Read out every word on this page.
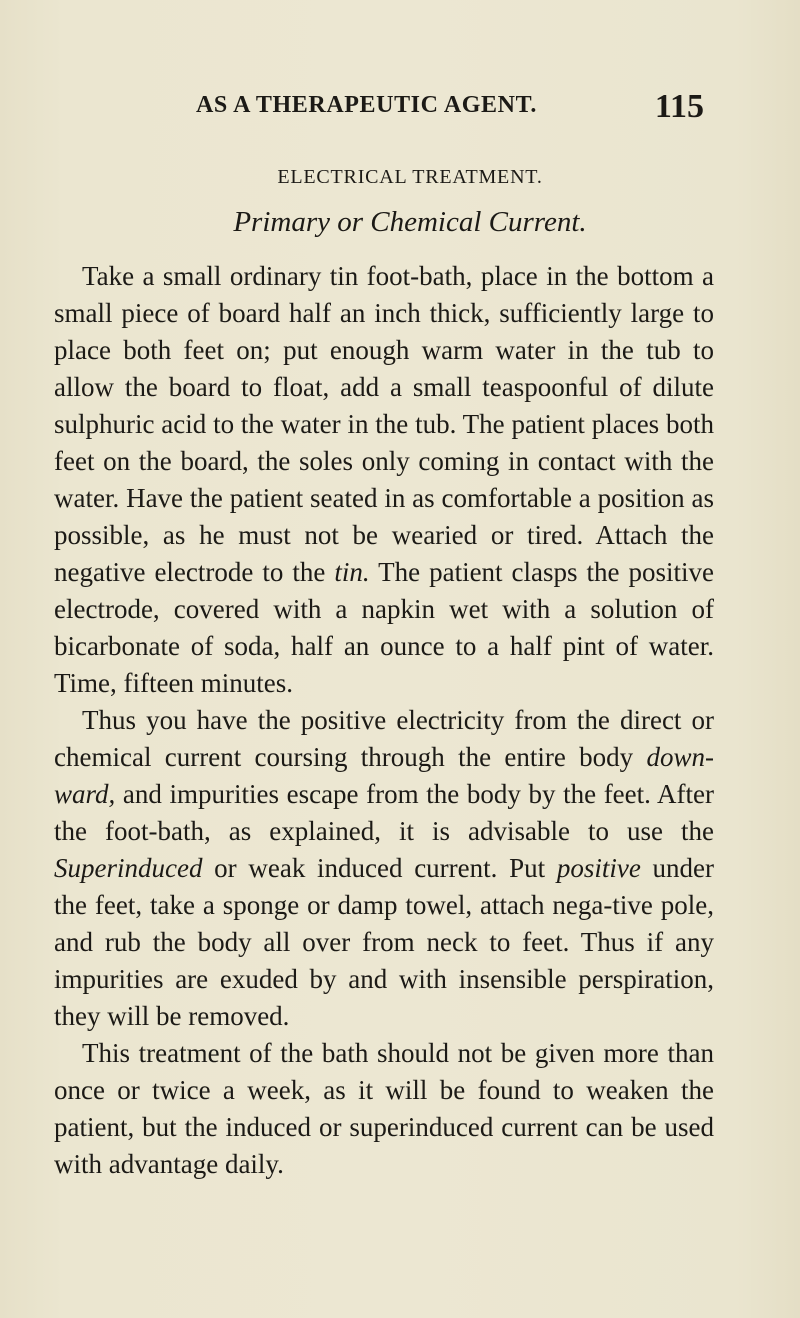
AS A THERAPEUTIC AGENT.	115
ELECTRICAL TREATMENT.
Primary or Chemical Current.

Take a small ordinary tin foot-bath, place in the bottom a small piece of board half an inch thick, sufficiently large to place both feet on; put enough warm water in the tub to allow the board to float, add a small teaspoonful of dilute sulphuric acid to the water in the tub. The patient places both feet on the board, the soles only coming in contact with the water. Have the patient seated in as comfortable a position as possible, as he must not be wearied or tired. Attach the negative electrode to the tin. The patient clasps the positive electrode, covered with a napkin wet with a solution of bicarbonate of soda, half an ounce to a half pint of water. Time, fifteen minutes.

Thus you have the positive electricity from the direct or chemical current coursing through the entire body down-ward, and impurities escape from the body by the feet. After the foot-bath, as explained, it is advisable to use the Superinduced or weak induced current. Put positive under the feet, take a sponge or damp towel, attach nega-tive pole, and rub the body all over from neck to feet. Thus if any impurities are exuded by and with insensible perspiration, they will be removed.

This treatment of the bath should not be given more than once or twice a week, as it will be found to weaken the patient, but the induced or superinduced current can be used with advantage daily.
